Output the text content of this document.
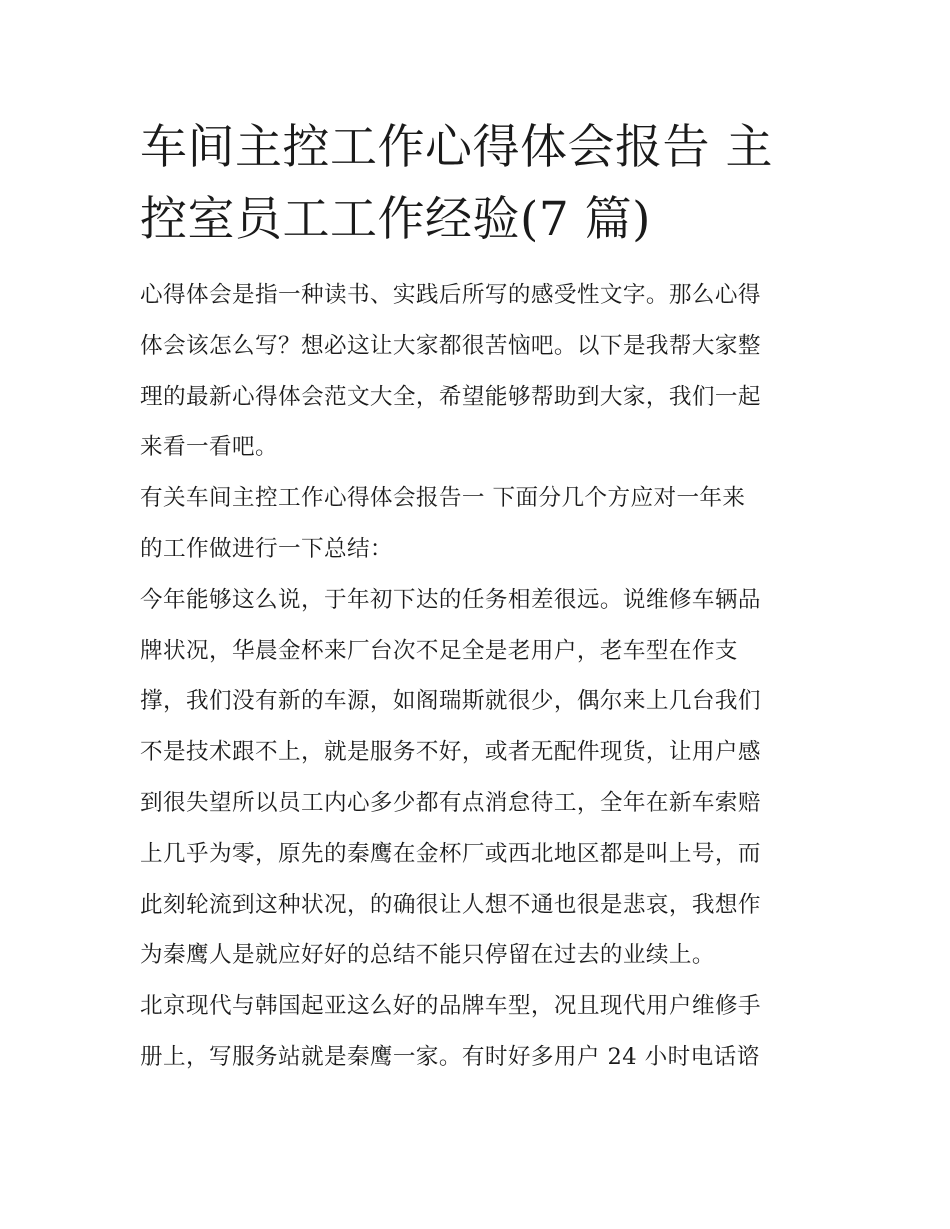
车间主控工作心得体会报告 主
控室员工工作经验(7 篇)

心得体会是指一种读书、实践后所写的感受性文字。那么心得
体会该怎么写？想必这让大家都很苦恼吧。以下是我帮大家整
理的最新心得体会范文大全，希望能够帮助到大家，我们一起
来看一看吧。

有关车间主控工作心得体会报告一 下面分几个方应对一年来
的工作做进行一下总结：

今年能够这么说，于年初下达的任务相差很远。说维修车辆品
牌状况，华晨金杯来厂台次不足全是老用户，老车型在作支
撑，我们没有新的车源，如阁瑞斯就很少，偶尔来上几台我们
不是技术跟不上，就是服务不好，或者无配件现货，让用户感
到很失望所以员工内心多少都有点消怠待工，全年在新车索赔
上几乎为零，原先的秦鹰在金杯厂或西北地区都是叫上号，而
此刻轮流到这种状况，的确很让人想不通也很是悲哀，我想作
为秦鹰人是就应好好的总结不能只停留在过去的业续上。

北京现代与韩国起亚这么好的品牌车型，况且现代用户维修手
册上，写服务站就是秦鹰一家。有时好多用户 24 小时电话谘
